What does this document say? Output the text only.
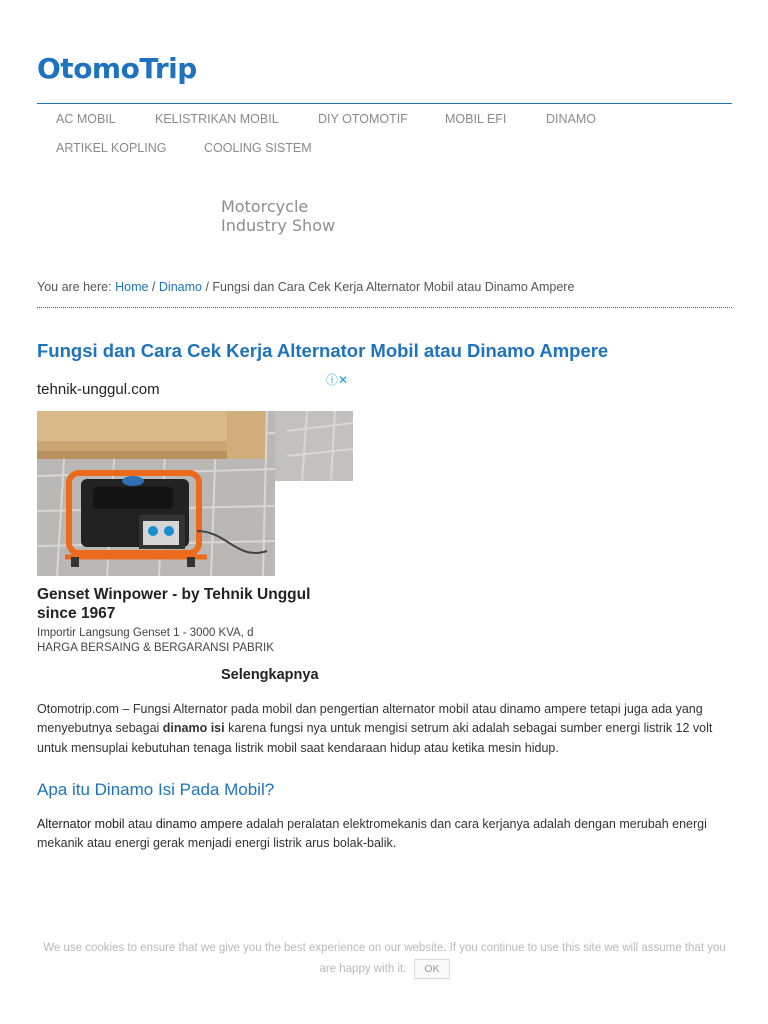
OtomoTrip
AC MOBIL	KELISTRIKAN MOBIL	DIY OTOMOTIF	MOBIL EFI	DINAMO
ARTIKEL KOPLING	COOLING SISTEM
Motorcycle
Industry Show
You are here: Home / Dinamo / Fungsi dan Cara Cek Kerja Alternator Mobil atau Dinamo Ampere
Fungsi dan Cara Cek Kerja Alternator Mobil atau Dinamo Ampere
tehnik-unggul.com
ⓘ✕
Genset Winpower - by Tehnik Unggul
since 1967
Importir Langsung Genset 1 - 3000 KVA, d
HARGA BERSAING & BERGARANSI PABRIK
Selengkapnya

Otomotrip.com – Fungsi Alternator pada mobil dan pengertian alternator mobil atau dinamo ampere tetapi juga ada yang menyebutnya sebagai dinamo isi karena fungsi nya untuk mengisi setrum aki adalah sebagai sumber energi listrik 12 volt untuk mensuplai kebutuhan tenaga listrik mobil saat kendaraan hidup atau ketika mesin hidup.

Apa itu Dinamo Isi Pada Mobil?

Alternator mobil atau dinamo ampere adalah peralatan elektromekanis dan cara kerjanya adalah dengan merubah energi mekanik atau energi gerak menjadi energi listrik arus bolak-balik.

We use cookies to ensure that we give you the best experience on our website. If you continue to use this site we will assume that you are happy with it. OK
